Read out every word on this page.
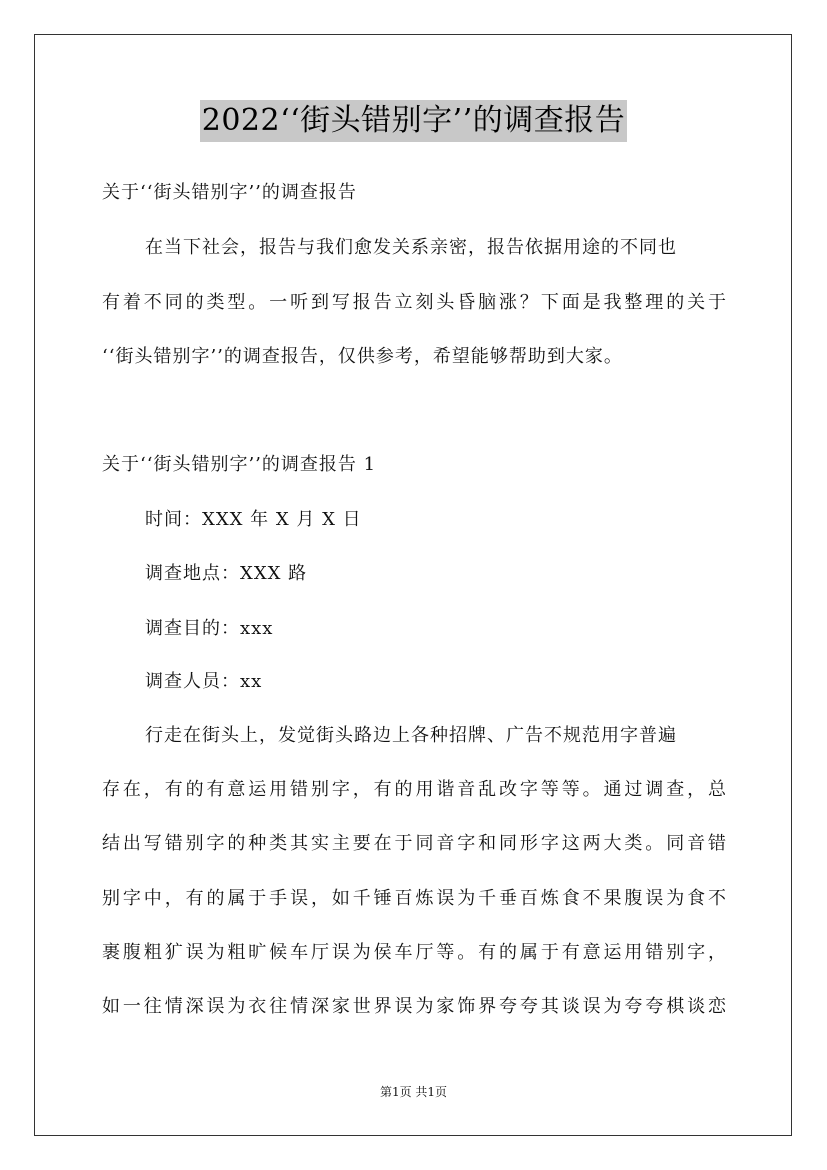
2022‘‘街头错别字’’的调查报告
关于‘‘街头错别字’’的调查报告
在当下社会，报告与我们愈发关系亲密，报告依据用途的不同也
有着不同的类型。一听到写报告立刻头昏脑涨？下面是我整理的关于
‘‘街头错别字’’的调查报告，仅供参考，希望能够帮助到大家。
关于‘‘街头错别字’’的调查报告 1
时间：XXX 年 X 月 X 日
调查地点：XXX 路
调查目的：xxx
调查人员：xx
行走在街头上，发觉街头路边上各种招牌、广告不规范用字普遍
存在，有的有意运用错别字，有的用谐音乱改字等等。通过调查，总
结出写错别字的种类其实主要在于同音字和同形字这两大类。同音错
别字中，有的属于手误，如千锤百炼误为千垂百炼食不果腹误为食不
裹腹粗犷误为粗旷候车厅误为侯车厅等。有的属于有意运用错别字，
如一往情深误为衣往情深家世界误为家饰界夸夸其谈误为夸夸棋谈恋
第1页 共1页
